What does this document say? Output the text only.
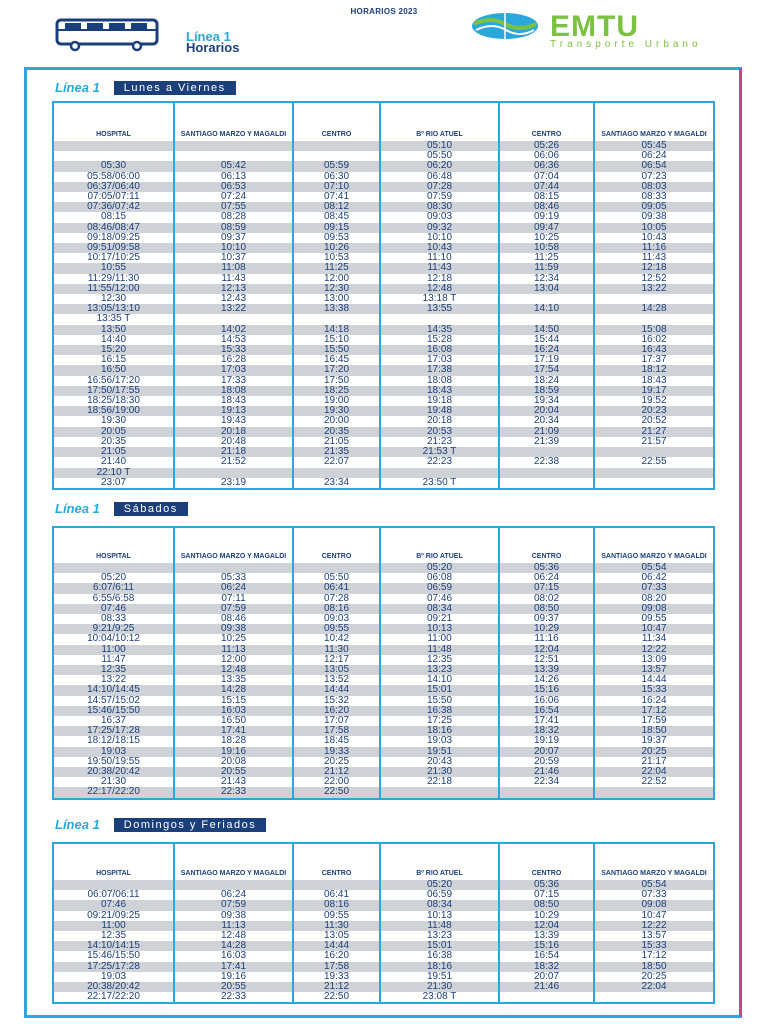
HORARIOS 2023
Línea 1
Horarios
EMTU
Transporte Urbano
Línea 1	Lunes a Viernes
HOSPITAL	SANTIAGO MARZO Y MAGALDI	CENTRO	Bº RIO ATUEL	CENTRO	SANTIAGO MARZO Y MAGALDI
			05:10	05:26	05:45
			05:50	06:06	06:24
05:30	05:42	05:59	06:20	06:36	06:54
05:58/06:00	06:13	06:30	06:48	07:04	07:23
06:37/06:40	06:53	07:10	07:28	07:44	08:03
07:05/07:11	07:24	07:41	07:59	08:15	08:33
07:36/07:42	07:55	08:12	08:30	08:46	09:05
08:15	08:28	08:45	09:03	09:19	09:38
08:46/08:47	08:59	09:15	09:32	09:47	10:05
09:18/09:25	09:37	09:53	10:10	10:25	10:43
09:51/09:58	10:10	10:26	10:43	10:58	11:16
10:17/10:25	10:37	10:53	11:10	11:25	11:43
10:55	11:08	11:25	11:43	11:59	12:18
11:29/11:30	11:43	12:00	12:18	12:34	12:52
11:55/12:00	12:13	12:30	12:48	13:04	13:22
12:30	12:43	13:00	13:18 T		
13:05/13:10	13:22	13:38	13:55	14:10	14:28
13:35 T					
13:50	14:02	14:18	14:35	14:50	15:08
14:40	14:53	15:10	15:28	15:44	16:02
15:20	15:33	15:50	16:08	16:24	16:43
16:15	16:28	16:45	17:03	17:19	17:37
16:50	17:03	17:20	17:38	17:54	18:12
16:56/17:20	17:33	17:50	18:08	18:24	18:43
17:50/17:55	18:08	18:25	18:43	18:59	19:17
18:25/18:30	18:43	19:00	19:18	19:34	19:52
18:56/19:00	19:13	19:30	19:48	20:04	20:23
19:30	19:43	20:00	20:18	20:34	20:52
20:05	20:18	20:35	20:53	21:09	21:27
20:35	20:48	21:05	21:23	21:39	21:57
21:05	21:18	21:35	21:53 T		
21:40	21:52	22:07	22:23	22:38	22:55
22:10 T					
23:07	23:19	23:34	23:50 T		
Línea 1	Sábados
HOSPITAL	SANTIAGO MARZO Y MAGALDI	CENTRO	Bº RIO ATUEL	CENTRO	SANTIAGO MARZO Y MAGALDI
			05:20	05:36	05:54
05:20	05:33	05:50	06:08	06:24	06:42
6:07/6:11	06:24	06:41	06:59	07:15	07:33
6:55/6:58	07:11	07:28	07:46	08:02	08:20
07:46	07:59	08:16	08:34	08:50	09:08
08:33	08:46	09:03	09:21	09:37	09:55
9:21/9:25	09:38	09:55	10:13	10:29	10:47
10:04/10:12	10:25	10:42	11:00	11:16	11:34
11:00	11:13	11:30	11:48	12:04	12:22
11:47	12:00	12:17	12:35	12:51	13:09
12:35	12:48	13:05	13:23	13:39	13:57
13:22	13:35	13:52	14:10	14:26	14:44
14:10/14:45	14:28	14:44	15:01	15:16	15:33
14:57/15:02	15:15	15:32	15:50	16:06	16:24
15:46/15:50	16:03	16:20	16:38	16:54	17:12
16:37	16:50	17:07	17:25	17:41	17:59
17:25/17:28	17:41	17:58	18:16	18:32	18:50
18:12/18:15	18:28	18:45	19:03	19:19	19:37
19:03	19:16	19:33	19:51	20:07	20:25
19:50/19:55	20:08	20:25	20:43	20:59	21:17
20:38/20:42	20:55	21:12	21:30	21:46	22:04
21:30	21:43	22:00	22:18	22:34	22:52
22:17/22:20	22:33	22:50			
Línea 1	Domingos y Feriados
HOSPITAL	SANTIAGO MARZO Y MAGALDI	CENTRO	Bº RIO ATUEL	CENTRO	SANTIAGO MARZO Y MAGALDI
			05:20	05:36	05:54
06:07/06:11	06:24	06:41	06:59	07:15	07:33
07:46	07:59	08:16	08:34	08:50	09:08
09:21/09:25	09:38	09:55	10:13	10:29	10:47
11:00	11:13	11:30	11:48	12:04	12:22
12:35	12:48	13:05	13:23	13:39	13:57
14:10/14:15	14:28	14:44	15:01	15:16	15:33
15:46/15:50	16:03	16:20	16:38	16:54	17:12
17:25/17:28	17:41	17:58	18:16	18:32	18:50
19:03	19:16	19:33	19:51	20:07	20:25
20:38/20:42	20:55	21:12	21:30	21:46	22:04
22:17/22:20	22:33	22:50	23:08 T		
